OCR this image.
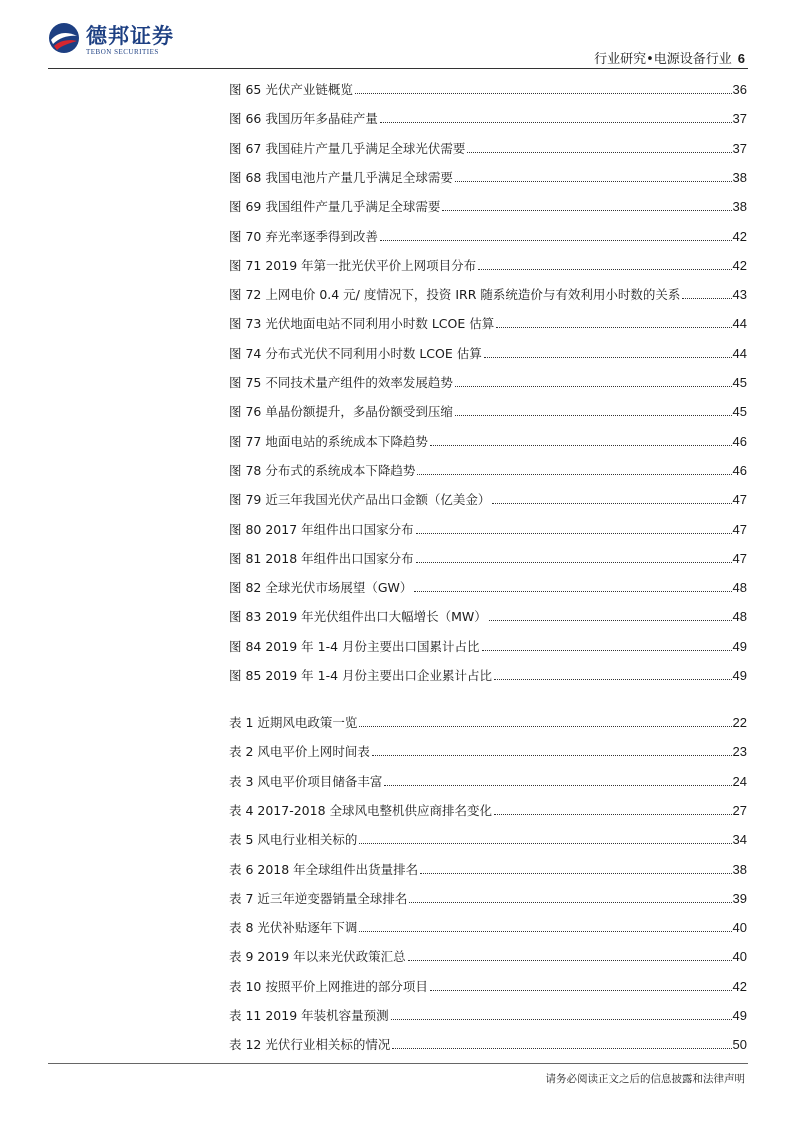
德邦证券
TEBON SECURITIES	行业研究•电源设备行业 6
图 65 光伏产业链概览	36
图 66 我国历年多晶硅产量	37
图 67 我国硅片产量几乎满足全球光伏需要	37
图 68 我国电池片产量几乎满足全球需要	38
图 69 我国组件产量几乎满足全球需要	38
图 70 弃光率逐季得到改善	42
图 71 2019 年第一批光伏平价上网项目分布	42
图 72 上网电价 0.4 元/ 度情况下，投资 IRR 随系统造价与有效利用小时数的关系	43
图 73 光伏地面电站不同利用小时数 LCOE 估算	44
图 74 分布式光伏不同利用小时数 LCOE 估算	44
图 75 不同技术量产组件的效率发展趋势	45
图 76 单晶份额提升，多晶份额受到压缩	45
图 77 地面电站的系统成本下降趋势	46
图 78 分布式的系统成本下降趋势	46
图 79 近三年我国光伏产品出口金额（亿美金）	47
图 80 2017 年组件出口国家分布	47
图 81 2018 年组件出口国家分布	47
图 82 全球光伏市场展望（GW）	48
图 83 2019 年光伏组件出口大幅增长（MW）	48
图 84 2019 年 1-4 月份主要出口国累计占比	49
图 85 2019 年 1-4 月份主要出口企业累计占比	49
表 1 近期风电政策一览	22
表 2 风电平价上网时间表	23
表 3 风电平价项目储备丰富	24
表 4 2017-2018 全球风电整机供应商排名变化	27
表 5 风电行业相关标的	34
表 6 2018 年全球组件出货量排名	38
表 7 近三年逆变器销量全球排名	39
表 8 光伏补贴逐年下调	40
表 9 2019 年以来光伏政策汇总	40
表 10 按照平价上网推进的部分项目	42
表 11 2019 年装机容量预测	49
表 12 光伏行业相关标的情况	50
请务必阅读正文之后的信息披露和法律声明
